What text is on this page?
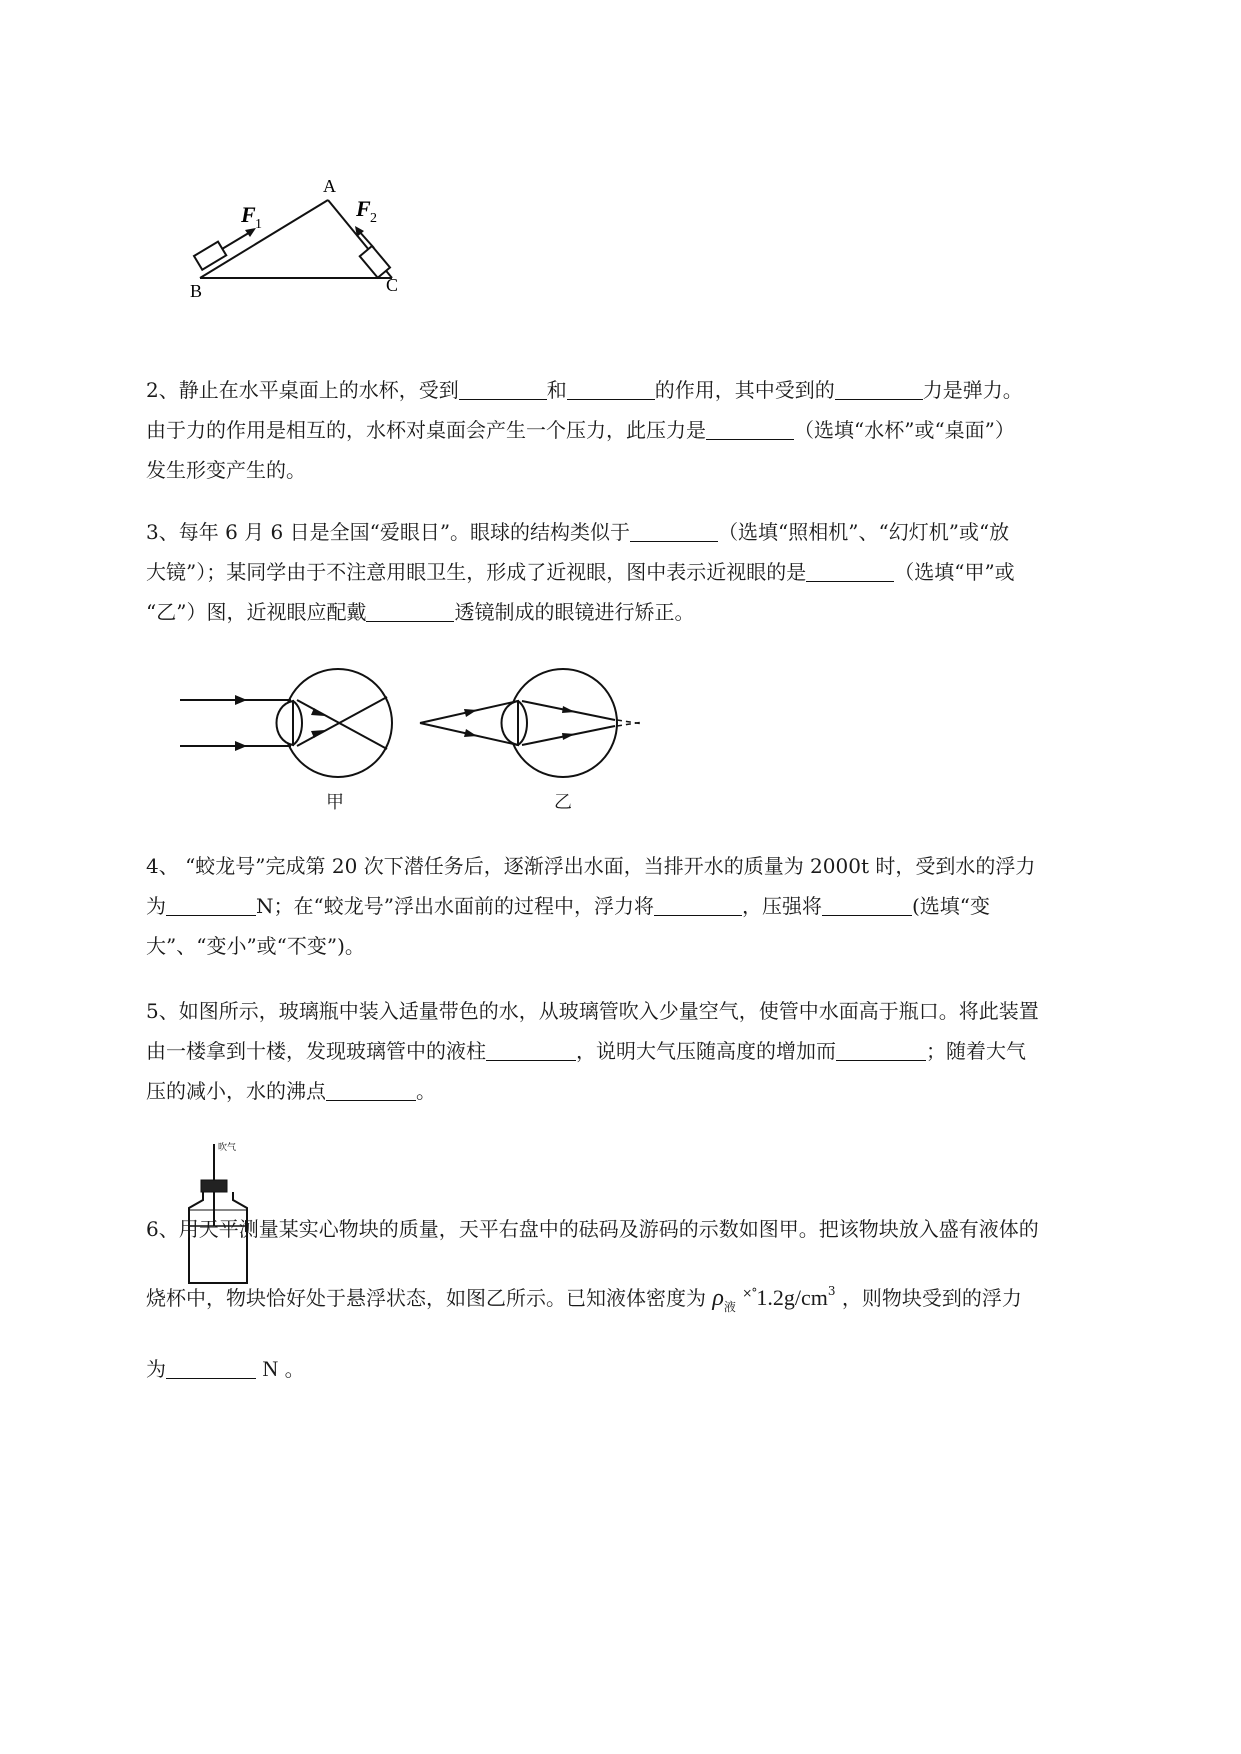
A
B	C
F 1
F 2

2、静止在水平桌面上的水杯，受到	和	的作用，其中受到的	力是弹力。

由于力的作用是相互的，水杯对桌面会产生一个压力，此压力是	（选填“水杯”或“桌面”）

发生形变产生的。

3、每年 6 月 6 日是全国“爱眼日”。眼球的结构类似于	（选填“照相机”、“幻灯机”或“放

大镜”）；某同学由于不注意用眼卫生，形成了近视眼，图中表示近视眼的是	（选填“甲”或

“乙”）图，近视眼应配戴	透镜制成的眼镜进行矫正。

甲	乙

4、 “蛟龙号”完成第 20 次下潜任务后，逐渐浮出水面，当排开水的质量为 2000t 时，受到水的浮力

为	N；在“蛟龙号”浮出水面前的过程中，浮力将	，压强将	(选填“变

大”、“变小”或“不变”)。

5、如图所示，玻璃瓶中装入适量带色的水，从玻璃管吹入少量空气，使管中水面高于瓶口。将此装置

由一楼拿到十楼，发现玻璃管中的液柱	，说明大气压随高度的增加而	；随着大气

压的减小，水的沸点	。

吹气

6、用天平测量某实心物块的质量，天平右盘中的砝码及游码的示数如图甲。把该物块放入盛有液体的

烧杯中，物块恰好处于悬浮状态，如图乙所示。已知液体密度为 $\rho_液$ $^{\times^\circ}1.2g/cm^3$ ，则物块受到的浮力

为	N 。
